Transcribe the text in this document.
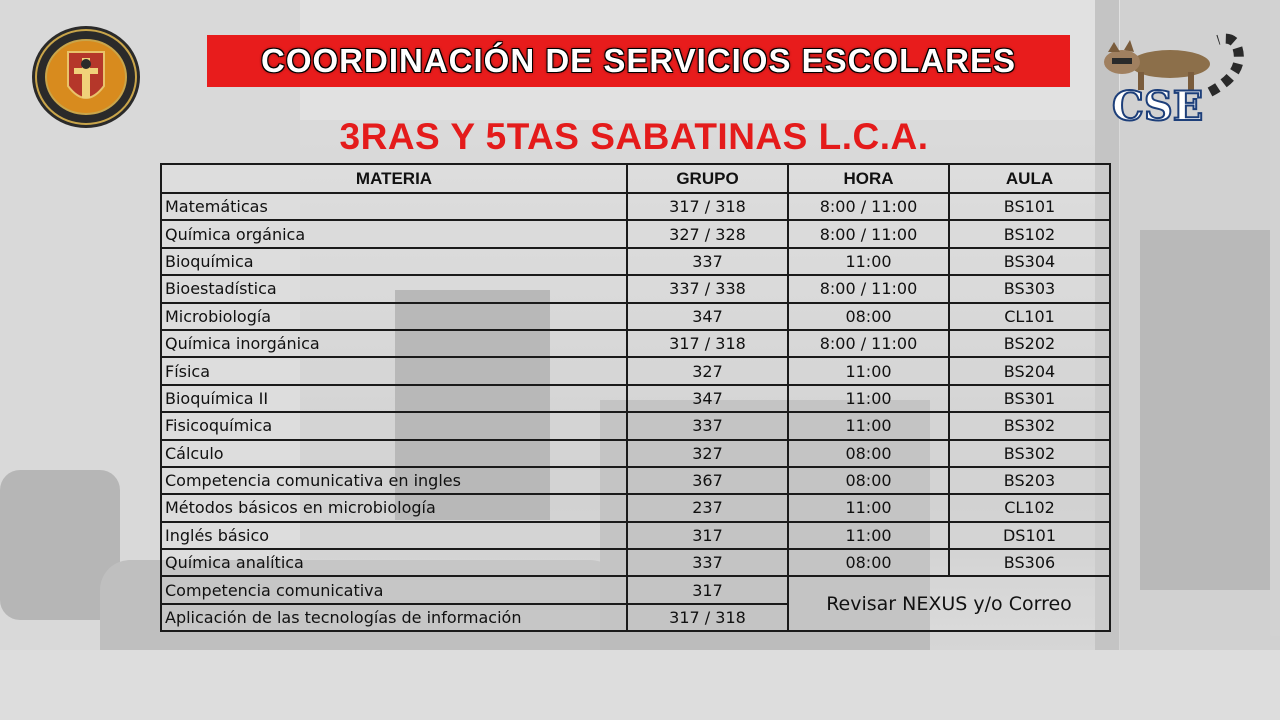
COORDINACIÓN DE SERVICIOS ESCOLARES
CSE
3RAS Y 5TAS SABATINAS L.C.A.
MATERIA	GRUPO	HORA	AULA
Matemáticas	317 / 318	8:00 / 11:00	BS101
Química orgánica	327 / 328	8:00 / 11:00	BS102
Bioquímica	337	11:00	BS304
Bioestadística	337 / 338	8:00 / 11:00	BS303
Microbiología	347	08:00	CL101
Química inorgánica	317 / 318	8:00 / 11:00	BS202
Física	327	11:00	BS204
Bioquímica II	347	11:00	BS301
Fisicoquímica	337	11:00	BS302
Cálculo	327	08:00	BS302
Competencia comunicativa en ingles	367	08:00	BS203
Métodos básicos en microbiología	237	11:00	CL102
Inglés básico	317	11:00	DS101
Química analítica	337	08:00	BS306
Competencia comunicativa	317	Revisar NEXUS y/o Correo	
Aplicación de las tecnologías de información	317 / 318		
